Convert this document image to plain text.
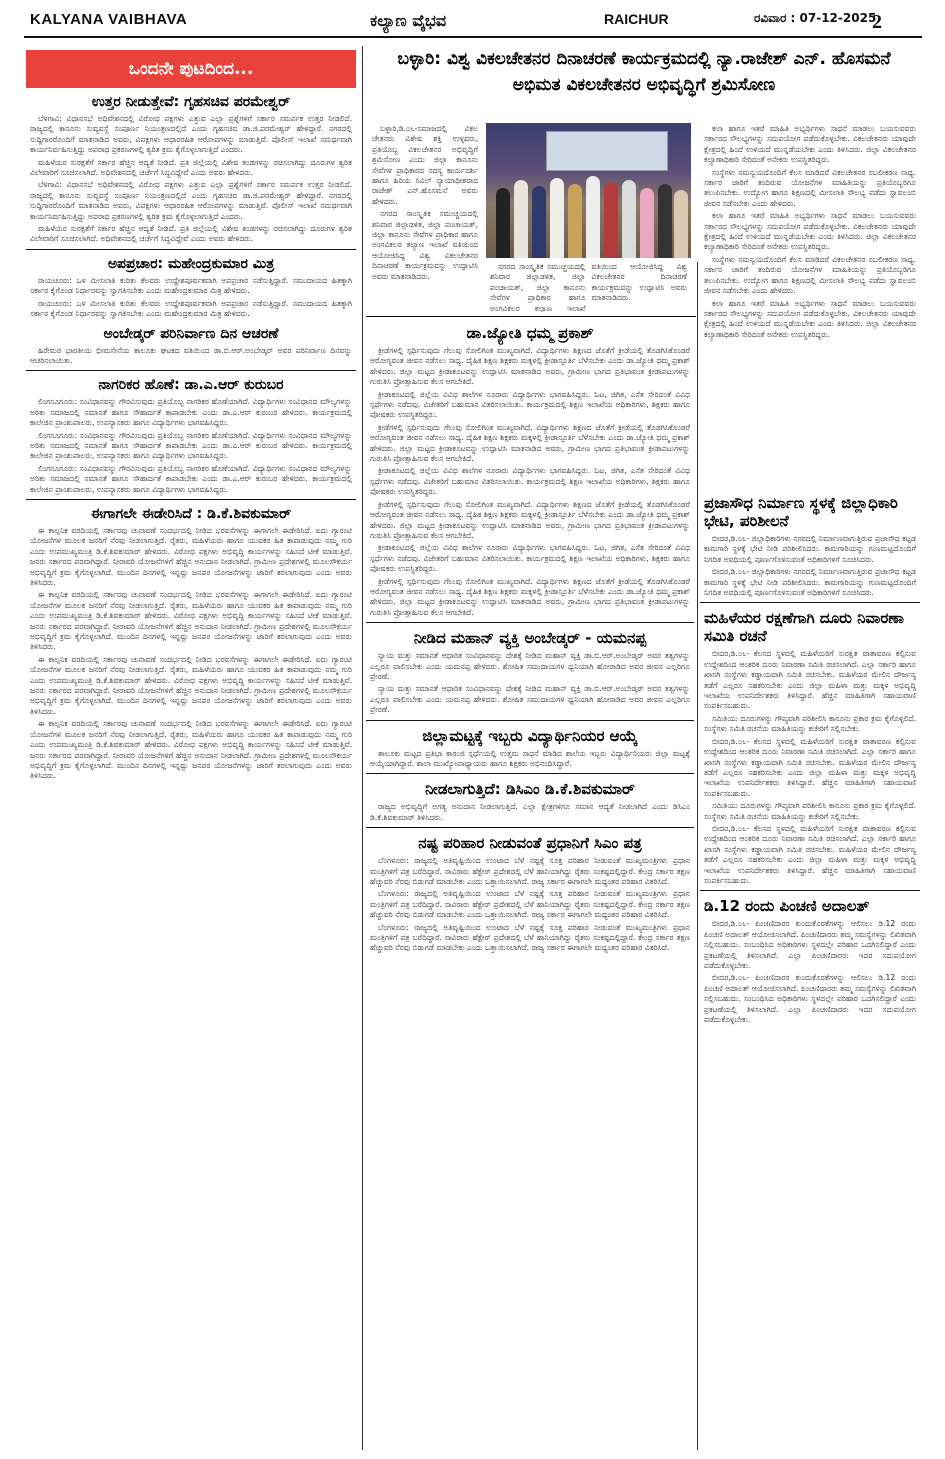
KALYANA VAIBHAVA	ಕಲ್ಯಾಣ ವೈಭವ	RAICHUR	ರವಿವಾರ : 07-12-2025
2
ಒಂದನೇ ಪುಟದಿಂದ...
ಉತ್ತರ ನೀಡುತ್ತೇವೆ: ಗೃಹಸಚಿವ ಪರಮೇಶ್ವರ್

ಬೆಳಗಾವಿ: ವಿಧಾನಸಭೆ ಅಧಿವೇಶನದಲ್ಲಿ ವಿರೋಧ ಪಕ್ಷಗಳು ಎತ್ತುವ ಎಲ್ಲಾ ಪ್ರಶ್ನೆಗಳಿಗೆ ಸರ್ಕಾರ ಸಮರ್ಪಕ ಉತ್ತರ ನೀಡಲಿದೆ. ರಾಜ್ಯದಲ್ಲಿ ಕಾನೂನು ಸುವ್ಯವಸ್ಥೆ ಸಂಪೂರ್ಣ ನಿಯಂತ್ರಣದಲ್ಲಿದೆ ಎಂದು ಗೃಹಸಚಿವ ಡಾ.ಜಿ.ಪರಮೇಶ್ವರ್ ಹೇಳಿದ್ದಾರೆ. ನಗರದಲ್ಲಿ ಸುದ್ದಿಗಾರರೊಂದಿಗೆ ಮಾತನಾಡಿದ ಅವರು, ವಿಪಕ್ಷಗಳು ಆಧಾರರಹಿತ ಆರೋಪಗಳನ್ನು ಮಾಡುತ್ತಿವೆ. ಪೊಲೀಸ್ ಇಲಾಖೆ ಸಮರ್ಥವಾಗಿ ಕಾರ್ಯನಿರ್ವಹಿಸುತ್ತಿದ್ದು ಅಪರಾಧ ಪ್ರಕರಣಗಳಲ್ಲಿ ತ್ವರಿತ ಕ್ರಮ ಕೈಗೊಳ್ಳಲಾಗುತ್ತಿದೆ ಎಂದರು.

ಮಹಿಳೆಯರ ಸುರಕ್ಷತೆಗೆ ಸರ್ಕಾರ ಹೆಚ್ಚಿನ ಆದ್ಯತೆ ನೀಡಿದೆ. ಪ್ರತಿ ಜಿಲ್ಲೆಯಲ್ಲಿ ವಿಶೇಷ ತಂಡಗಳನ್ನು ರಚಿಸಲಾಗಿದ್ದು ದೂರುಗಳ ತ್ವರಿತ ವಿಲೇವಾರಿಗೆ ಸೂಚಿಸಲಾಗಿದೆ. ಅಧಿವೇಶನದಲ್ಲಿ ಚರ್ಚೆಗೆ ಸಿದ್ಧವಿದ್ದೇವೆ ಎಂದು ಅವರು ಹೇಳಿದರು.

ಬೆಳಗಾವಿ: ವಿಧಾನಸಭೆ ಅಧಿವೇಶನದಲ್ಲಿ ವಿರೋಧ ಪಕ್ಷಗಳು ಎತ್ತುವ ಎಲ್ಲಾ ಪ್ರಶ್ನೆಗಳಿಗೆ ಸರ್ಕಾರ ಸಮರ್ಪಕ ಉತ್ತರ ನೀಡಲಿದೆ. ರಾಜ್ಯದಲ್ಲಿ ಕಾನೂನು ಸುವ್ಯವಸ್ಥೆ ಸಂಪೂರ್ಣ ನಿಯಂತ್ರಣದಲ್ಲಿದೆ ಎಂದು ಗೃಹಸಚಿವ ಡಾ.ಜಿ.ಪರಮೇಶ್ವರ್ ಹೇಳಿದ್ದಾರೆ. ನಗರದಲ್ಲಿ ಸುದ್ದಿಗಾರರೊಂದಿಗೆ ಮಾತನಾಡಿದ ಅವರು, ವಿಪಕ್ಷಗಳು ಆಧಾರರಹಿತ ಆರೋಪಗಳನ್ನು ಮಾಡುತ್ತಿವೆ. ಪೊಲೀಸ್ ಇಲಾಖೆ ಸಮರ್ಥವಾಗಿ ಕಾರ್ಯನಿರ್ವಹಿಸುತ್ತಿದ್ದು ಅಪರಾಧ ಪ್ರಕರಣಗಳಲ್ಲಿ ತ್ವರಿತ ಕ್ರಮ ಕೈಗೊಳ್ಳಲಾಗುತ್ತಿದೆ ಎಂದರು.

ಮಹಿಳೆಯರ ಸುರಕ್ಷತೆಗೆ ಸರ್ಕಾರ ಹೆಚ್ಚಿನ ಆದ್ಯತೆ ನೀಡಿದೆ. ಪ್ರತಿ ಜಿಲ್ಲೆಯಲ್ಲಿ ವಿಶೇಷ ತಂಡಗಳನ್ನು ರಚಿಸಲಾಗಿದ್ದು ದೂರುಗಳ ತ್ವರಿತ ವಿಲೇವಾರಿಗೆ ಸೂಚಿಸಲಾಗಿದೆ. ಅಧಿವೇಶನದಲ್ಲಿ ಚರ್ಚೆಗೆ ಸಿದ್ಧವಿದ್ದೇವೆ ಎಂದು ಅವರು ಹೇಳಿದರು.

ಅಪಪ್ರಚಾರ: ಮಹೇಂದ್ರಕುಮಾರ ಮಿತ್ರ

ರಾಯಚೂರು: ಒಳ ಮೀಸಲಾತಿ ಕುರಿತು ಕೆಲವರು ಉದ್ದೇಶಪೂರ್ವಕವಾಗಿ ಅಪಪ್ರಚಾರ ನಡೆಸುತ್ತಿದ್ದಾರೆ. ಸಮುದಾಯದ ಹಿತಕ್ಕಾಗಿ ಸರ್ಕಾರ ಕೈಗೊಂಡ ನಿರ್ಧಾರವನ್ನು ಸ್ವಾಗತಿಸಬೇಕು ಎಂದು ಮಹೇಂದ್ರಕುಮಾರ ಮಿತ್ರ ಹೇಳಿದರು.

ರಾಯಚೂರು: ಒಳ ಮೀಸಲಾತಿ ಕುರಿತು ಕೆಲವರು ಉದ್ದೇಶಪೂರ್ವಕವಾಗಿ ಅಪಪ್ರಚಾರ ನಡೆಸುತ್ತಿದ್ದಾರೆ. ಸಮುದಾಯದ ಹಿತಕ್ಕಾಗಿ ಸರ್ಕಾರ ಕೈಗೊಂಡ ನಿರ್ಧಾರವನ್ನು ಸ್ವಾಗತಿಸಬೇಕು ಎಂದು ಮಹೇಂದ್ರಕುಮಾರ ಮಿತ್ರ ಹೇಳಿದರು.

ಅಂಬೇಡ್ಕರ್ ಪರಿನಿರ್ವಾಣ ದಿನ ಆಚರಣೆ

ಹಿರೇಮಠ ಭಾರತೀಯ ಭೀಮಸೇನೆಯ ತಾಲೂಕು ಘಟಕದ ವತಿಯಿಂದ ಡಾ.ಬಿ.ಆರ್.ಅಂಬೇಡ್ಕರ್ ಅವರ ಪರಿನಿರ್ವಾಣ ದಿನವನ್ನು ಆಚರಿಸಲಾಯಿತು.

ನಾಗರಿಕರ ಹೊಣೆ: ಡಾ.ಎ.ಆರ್ ಕುರುಬರ

ಲಿಂಗಸೂಗೂರು: ಸಂವಿಧಾನವನ್ನು ಗೌರವಿಸುವುದು ಪ್ರತಿಯೊಬ್ಬ ನಾಗರಿಕರ ಹೊಣೆಯಾಗಿದೆ. ವಿದ್ಯಾರ್ಥಿಗಳು ಸಂವಿಧಾನದ ಮೌಲ್ಯಗಳನ್ನು ಅರಿತು ಸಮಾಜದಲ್ಲಿ ಸಮಾನತೆ ಹಾಗೂ ಸೌಹಾರ್ದತೆ ಕಾಪಾಡಬೇಕು ಎಂದು ಡಾ.ಎ.ಆರ್ ಕುರುಬರ ಹೇಳಿದರು. ಕಾರ್ಯಕ್ರಮದಲ್ಲಿ ಕಾಲೇಜಿನ ಪ್ರಾಂಶುಪಾಲರು, ಉಪನ್ಯಾಸಕರು ಹಾಗೂ ವಿದ್ಯಾರ್ಥಿಗಳು ಭಾಗವಹಿಸಿದ್ದರು.

ಲಿಂಗಸೂಗೂರು: ಸಂವಿಧಾನವನ್ನು ಗೌರವಿಸುವುದು ಪ್ರತಿಯೊಬ್ಬ ನಾಗರಿಕರ ಹೊಣೆಯಾಗಿದೆ. ವಿದ್ಯಾರ್ಥಿಗಳು ಸಂವಿಧಾನದ ಮೌಲ್ಯಗಳನ್ನು ಅರಿತು ಸಮಾಜದಲ್ಲಿ ಸಮಾನತೆ ಹಾಗೂ ಸೌಹಾರ್ದತೆ ಕಾಪಾಡಬೇಕು ಎಂದು ಡಾ.ಎ.ಆರ್ ಕುರುಬರ ಹೇಳಿದರು. ಕಾರ್ಯಕ್ರಮದಲ್ಲಿ ಕಾಲೇಜಿನ ಪ್ರಾಂಶುಪಾಲರು, ಉಪನ್ಯಾಸಕರು ಹಾಗೂ ವಿದ್ಯಾರ್ಥಿಗಳು ಭಾಗವಹಿಸಿದ್ದರು.

ಲಿಂಗಸೂಗೂರು: ಸಂವಿಧಾನವನ್ನು ಗೌರವಿಸುವುದು ಪ್ರತಿಯೊಬ್ಬ ನಾಗರಿಕರ ಹೊಣೆಯಾಗಿದೆ. ವಿದ್ಯಾರ್ಥಿಗಳು ಸಂವಿಧಾನದ ಮೌಲ್ಯಗಳನ್ನು ಅರಿತು ಸಮಾಜದಲ್ಲಿ ಸಮಾನತೆ ಹಾಗೂ ಸೌಹಾರ್ದತೆ ಕಾಪಾಡಬೇಕು ಎಂದು ಡಾ.ಎ.ಆರ್ ಕುರುಬರ ಹೇಳಿದರು. ಕಾರ್ಯಕ್ರಮದಲ್ಲಿ ಕಾಲೇಜಿನ ಪ್ರಾಂಶುಪಾಲರು, ಉಪನ್ಯಾಸಕರು ಹಾಗೂ ವಿದ್ಯಾರ್ಥಿಗಳು ಭಾಗವಹಿಸಿದ್ದರು.

ಈಗಾಗಲೇ ಈಡೇರಿಸಿದೆ : ಡಿ.ಕೆ.ಶಿವಕುಮಾರ್

ಈ ಕಾಲ್ಪನಿಕ ವರದಿಯಲ್ಲಿ ಸರ್ಕಾರವು ಚುನಾವಣೆ ಸಂದರ್ಭದಲ್ಲಿ ನೀಡಿದ ಭರವಸೆಗಳನ್ನು ಈಗಾಗಲೇ ಈಡೇರಿಸಿದೆ. ಐದು ಗ್ಯಾರಂಟಿ ಯೋಜನೆಗಳ ಮೂಲಕ ಜನರಿಗೆ ನೆರವು ನೀಡಲಾಗುತ್ತಿದೆ. ರೈತರು, ಮಹಿಳೆಯರು ಹಾಗೂ ಯುವಕರ ಹಿತ ಕಾಪಾಡುವುದು ನಮ್ಮ ಗುರಿ ಎಂದು ಉಪಮುಖ್ಯಮಂತ್ರಿ ಡಿ.ಕೆ.ಶಿವಕುಮಾರ್ ಹೇಳಿದರು. ವಿರೋಧ ಪಕ್ಷಗಳು ಅಭಿವೃದ್ಧಿ ಕಾರ್ಯಗಳನ್ನು ಸಹಿಸದೆ ಟೀಕೆ ಮಾಡುತ್ತಿವೆ. ಜನರು ಸರ್ಕಾರದ ಪರವಾಗಿದ್ದಾರೆ. ನೀರಾವರಿ ಯೋಜನೆಗಳಿಗೆ ಹೆಚ್ಚಿನ ಅನುದಾನ ನೀಡಲಾಗಿದೆ. ಗ್ರಾಮೀಣ ಪ್ರದೇಶಗಳಲ್ಲಿ ಮೂಲಸೌಕರ್ಯ ಅಭಿವೃದ್ಧಿಗೆ ಕ್ರಮ ಕೈಗೊಳ್ಳಲಾಗಿದೆ. ಮುಂದಿನ ದಿನಗಳಲ್ಲಿ ಇನ್ನಷ್ಟು ಜನಪರ ಯೋಜನೆಗಳನ್ನು ಜಾರಿಗೆ ತರಲಾಗುವುದು ಎಂದು ಅವರು ತಿಳಿಸಿದರು.

ಈ ಕಾಲ್ಪನಿಕ ವರದಿಯಲ್ಲಿ ಸರ್ಕಾರವು ಚುನಾವಣೆ ಸಂದರ್ಭದಲ್ಲಿ ನೀಡಿದ ಭರವಸೆಗಳನ್ನು ಈಗಾಗಲೇ ಈಡೇರಿಸಿದೆ. ಐದು ಗ್ಯಾರಂಟಿ ಯೋಜನೆಗಳ ಮೂಲಕ ಜನರಿಗೆ ನೆರವು ನೀಡಲಾಗುತ್ತಿದೆ. ರೈತರು, ಮಹಿಳೆಯರು ಹಾಗೂ ಯುವಕರ ಹಿತ ಕಾಪಾಡುವುದು ನಮ್ಮ ಗುರಿ ಎಂದು ಉಪಮುಖ್ಯಮಂತ್ರಿ ಡಿ.ಕೆ.ಶಿವಕುಮಾರ್ ಹೇಳಿದರು. ವಿರೋಧ ಪಕ್ಷಗಳು ಅಭಿವೃದ್ಧಿ ಕಾರ್ಯಗಳನ್ನು ಸಹಿಸದೆ ಟೀಕೆ ಮಾಡುತ್ತಿವೆ. ಜನರು ಸರ್ಕಾರದ ಪರವಾಗಿದ್ದಾರೆ. ನೀರಾವರಿ ಯೋಜನೆಗಳಿಗೆ ಹೆಚ್ಚಿನ ಅನುದಾನ ನೀಡಲಾಗಿದೆ. ಗ್ರಾಮೀಣ ಪ್ರದೇಶಗಳಲ್ಲಿ ಮೂಲಸೌಕರ್ಯ ಅಭಿವೃದ್ಧಿಗೆ ಕ್ರಮ ಕೈಗೊಳ್ಳಲಾಗಿದೆ. ಮುಂದಿನ ದಿನಗಳಲ್ಲಿ ಇನ್ನಷ್ಟು ಜನಪರ ಯೋಜನೆಗಳನ್ನು ಜಾರಿಗೆ ತರಲಾಗುವುದು ಎಂದು ಅವರು ತಿಳಿಸಿದರು.

ಈ ಕಾಲ್ಪನಿಕ ವರದಿಯಲ್ಲಿ ಸರ್ಕಾರವು ಚುನಾವಣೆ ಸಂದರ್ಭದಲ್ಲಿ ನೀಡಿದ ಭರವಸೆಗಳನ್ನು ಈಗಾಗಲೇ ಈಡೇರಿಸಿದೆ. ಐದು ಗ್ಯಾರಂಟಿ ಯೋಜನೆಗಳ ಮೂಲಕ ಜನರಿಗೆ ನೆರವು ನೀಡಲಾಗುತ್ತಿದೆ. ರೈತರು, ಮಹಿಳೆಯರು ಹಾಗೂ ಯುವಕರ ಹಿತ ಕಾಪಾಡುವುದು ನಮ್ಮ ಗುರಿ ಎಂದು ಉಪಮುಖ್ಯಮಂತ್ರಿ ಡಿ.ಕೆ.ಶಿವಕುಮಾರ್ ಹೇಳಿದರು. ವಿರೋಧ ಪಕ್ಷಗಳು ಅಭಿವೃದ್ಧಿ ಕಾರ್ಯಗಳನ್ನು ಸಹಿಸದೆ ಟೀಕೆ ಮಾಡುತ್ತಿವೆ. ಜನರು ಸರ್ಕಾರದ ಪರವಾಗಿದ್ದಾರೆ. ನೀರಾವರಿ ಯೋಜನೆಗಳಿಗೆ ಹೆಚ್ಚಿನ ಅನುದಾನ ನೀಡಲಾಗಿದೆ. ಗ್ರಾಮೀಣ ಪ್ರದೇಶಗಳಲ್ಲಿ ಮೂಲಸೌಕರ್ಯ ಅಭಿವೃದ್ಧಿಗೆ ಕ್ರಮ ಕೈಗೊಳ್ಳಲಾಗಿದೆ. ಮುಂದಿನ ದಿನಗಳಲ್ಲಿ ಇನ್ನಷ್ಟು ಜನಪರ ಯೋಜನೆಗಳನ್ನು ಜಾರಿಗೆ ತರಲಾಗುವುದು ಎಂದು ಅವರು ತಿಳಿಸಿದರು.

ಈ ಕಾಲ್ಪನಿಕ ವರದಿಯಲ್ಲಿ ಸರ್ಕಾರವು ಚುನಾವಣೆ ಸಂದರ್ಭದಲ್ಲಿ ನೀಡಿದ ಭರವಸೆಗಳನ್ನು ಈಗಾಗಲೇ ಈಡೇರಿಸಿದೆ. ಐದು ಗ್ಯಾರಂಟಿ ಯೋಜನೆಗಳ ಮೂಲಕ ಜನರಿಗೆ ನೆರವು ನೀಡಲಾಗುತ್ತಿದೆ. ರೈತರು, ಮಹಿಳೆಯರು ಹಾಗೂ ಯುವಕರ ಹಿತ ಕಾಪಾಡುವುದು ನಮ್ಮ ಗುರಿ ಎಂದು ಉಪಮುಖ್ಯಮಂತ್ರಿ ಡಿ.ಕೆ.ಶಿವಕುಮಾರ್ ಹೇಳಿದರು. ವಿರೋಧ ಪಕ್ಷಗಳು ಅಭಿವೃದ್ಧಿ ಕಾರ್ಯಗಳನ್ನು ಸಹಿಸದೆ ಟೀಕೆ ಮಾಡುತ್ತಿವೆ. ಜನರು ಸರ್ಕಾರದ ಪರವಾಗಿದ್ದಾರೆ. ನೀರಾವರಿ ಯೋಜನೆಗಳಿಗೆ ಹೆಚ್ಚಿನ ಅನುದಾನ ನೀಡಲಾಗಿದೆ. ಗ್ರಾಮೀಣ ಪ್ರದೇಶಗಳಲ್ಲಿ ಮೂಲಸೌಕರ್ಯ ಅಭಿವೃದ್ಧಿಗೆ ಕ್ರಮ ಕೈಗೊಳ್ಳಲಾಗಿದೆ. ಮುಂದಿನ ದಿನಗಳಲ್ಲಿ ಇನ್ನಷ್ಟು ಜನಪರ ಯೋಜನೆಗಳನ್ನು ಜಾರಿಗೆ ತರಲಾಗುವುದು ಎಂದು ಅವರು ತಿಳಿಸಿದರು.

ಬಳ್ಳಾರಿ: ವಿಶ್ವ ವಿಕಲಚೇತನರ ದಿನಾಚರಣೆ ಕಾರ್ಯಕ್ರಮದಲ್ಲಿ ನ್ಯಾ.ರಾಜೇಶ್ ಎನ್. ಹೊಸಮನೆ ಅಭಿಮತ ವಿಕಲಚೇತನರ ಅಭಿವೃದ್ಧಿಗೆ ಶ್ರಮಿಸೋಣ

ಬಳ್ಳಾರಿ,ಡಿ.೦೬-ಸಮಾಜದಲ್ಲಿ ವಿಕಲ ಚೇತನರು ವಿಶೇಷ ಶಕ್ತಿ ಉಳ್ಳವರು, ಪ್ರತಿಯೊಬ್ಬ ವಿಕಲಚೇತನರ ಅಭಿವೃದ್ಧಿಗೆ ಶ್ರಮಿಸೋಣ ಎಂದು ಜಿಲ್ಲಾ ಕಾನೂನು ಸೇವೆಗಳ ಪ್ರಾಧಿಕಾರದ ಸದಸ್ಯ ಕಾರ್ಯದರ್ಶಿ ಹಾಗೂ ಹಿರಿಯ ಸಿವಿಲ್ ನ್ಯಾಯಾಧೀಶರಾದ ರಾಜೇಶ್ ಎನ್.ಹೊಸಮನೆ ಅವರು ಹೇಳಿದರು.

ನಗರದ ಸಾಂಸ್ಕೃತಿಕ ಸಮುಚ್ಚಯದಲ್ಲಿ ಶನಿವಾರ ಜಿಲ್ಲಾಡಳಿತ, ಜಿಲ್ಲಾ ಪಂಚಾಯತ್, ಜಿಲ್ಲಾ ಕಾನೂನು ಸೇವೆಗಳ ಪ್ರಾಧಿಕಾರ ಹಾಗೂ ಅಂಗವಿಕಲರ ಕಲ್ಯಾಣ ಇಲಾಖೆ ವತಿಯಿಂದ ಆಯೋಜಿಸಿದ್ದ ವಿಶ್ವ ವಿಕಲಚೇತನರ ದಿನಾಚರಣೆ ಕಾರ್ಯಕ್ರಮವನ್ನು ಉದ್ಘಾಟಿಸಿ ಅವರು ಮಾತನಾಡಿದರು.

ನಗರದ ಸಾಂಸ್ಕೃತಿಕ ಸಮುಚ್ಚಯದಲ್ಲಿ ಶನಿವಾರ ಜಿಲ್ಲಾಡಳಿತ, ಜಿಲ್ಲಾ ಪಂಚಾಯತ್, ಜಿಲ್ಲಾ ಕಾನೂನು ಸೇವೆಗಳ ಪ್ರಾಧಿಕಾರ ಹಾಗೂ ಅಂಗವಿಕಲರ ಕಲ್ಯಾಣ ಇಲಾಖೆ ವತಿಯಿಂದ ಆಯೋಜಿಸಿದ್ದ ವಿಶ್ವ ವಿಕಲಚೇತನರ ದಿನಾಚರಣೆ ಕಾರ್ಯಕ್ರಮವನ್ನು ಉದ್ಘಾಟಿಸಿ ಅವರು ಮಾತನಾಡಿದರು.

ಕಲಾ ಹಾಗೂ ಇತರೆ ಮಾಹಿತಿ ಅಭ್ಯರ್ಥಿಗಳು ಸಾಧನೆ ಮಾಡಲು ಬಯಸುವವರು ಸರ್ಕಾರದ ಸೌಲಭ್ಯಗಳನ್ನು ಸದುಪಯೋಗ ಪಡೆದುಕೊಳ್ಳಬೇಕು. ವಿಕಲಚೇತನರು ಯಾವುದೇ ಕ್ಷೇತ್ರದಲ್ಲಿ ಹಿಂದೆ ಉಳಿಯದೆ ಮುನ್ನಡೆಯಬೇಕು ಎಂದು ತಿಳಿಸಿದರು. ಜಿಲ್ಲಾ ವಿಕಲಚೇತನರ ಕಲ್ಯಾಣಾಧಿಕಾರಿ ಸೇರಿದಂತೆ ಅನೇಕರು ಉಪಸ್ಥಿತರಿದ್ದರು.

ಸಂಸ್ಥೆಗಳು ಸಮನ್ವಯದೊಂದಿಗೆ ಕೆಲಸ ಮಾಡಿದರೆ ವಿಕಲಚೇತನರ ಸಬಲೀಕರಣ ಸಾಧ್ಯ. ಸರ್ಕಾರ ಜಾರಿಗೆ ತಂದಿರುವ ಯೋಜನೆಗಳ ಮಾಹಿತಿಯನ್ನು ಪ್ರತಿಯೊಬ್ಬರಿಗೂ ತಲುಪಿಸಬೇಕು. ಉದ್ಯೋಗ ಹಾಗೂ ಶಿಕ್ಷಣದಲ್ಲಿ ಮೀಸಲಾತಿ ಸೌಲಭ್ಯ ಪಡೆದು ಸ್ವಾವಲಂಬಿ ಜೀವನ ನಡೆಸಬೇಕು ಎಂದು ಹೇಳಿದರು.

ಕಲಾ ಹಾಗೂ ಇತರೆ ಮಾಹಿತಿ ಅಭ್ಯರ್ಥಿಗಳು ಸಾಧನೆ ಮಾಡಲು ಬಯಸುವವರು ಸರ್ಕಾರದ ಸೌಲಭ್ಯಗಳನ್ನು ಸದುಪಯೋಗ ಪಡೆದುಕೊಳ್ಳಬೇಕು. ವಿಕಲಚೇತನರು ಯಾವುದೇ ಕ್ಷೇತ್ರದಲ್ಲಿ ಹಿಂದೆ ಉಳಿಯದೆ ಮುನ್ನಡೆಯಬೇಕು ಎಂದು ತಿಳಿಸಿದರು. ಜಿಲ್ಲಾ ವಿಕಲಚೇತನರ ಕಲ್ಯಾಣಾಧಿಕಾರಿ ಸೇರಿದಂತೆ ಅನೇಕರು ಉಪಸ್ಥಿತರಿದ್ದರು.

ಸಂಸ್ಥೆಗಳು ಸಮನ್ವಯದೊಂದಿಗೆ ಕೆಲಸ ಮಾಡಿದರೆ ವಿಕಲಚೇತನರ ಸಬಲೀಕರಣ ಸಾಧ್ಯ. ಸರ್ಕಾರ ಜಾರಿಗೆ ತಂದಿರುವ ಯೋಜನೆಗಳ ಮಾಹಿತಿಯನ್ನು ಪ್ರತಿಯೊಬ್ಬರಿಗೂ ತಲುಪಿಸಬೇಕು. ಉದ್ಯೋಗ ಹಾಗೂ ಶಿಕ್ಷಣದಲ್ಲಿ ಮೀಸಲಾತಿ ಸೌಲಭ್ಯ ಪಡೆದು ಸ್ವಾವಲಂಬಿ ಜೀವನ ನಡೆಸಬೇಕು ಎಂದು ಹೇಳಿದರು.

ಕಲಾ ಹಾಗೂ ಇತರೆ ಮಾಹಿತಿ ಅಭ್ಯರ್ಥಿಗಳು ಸಾಧನೆ ಮಾಡಲು ಬಯಸುವವರು ಸರ್ಕಾರದ ಸೌಲಭ್ಯಗಳನ್ನು ಸದುಪಯೋಗ ಪಡೆದುಕೊಳ್ಳಬೇಕು. ವಿಕಲಚೇತನರು ಯಾವುದೇ ಕ್ಷೇತ್ರದಲ್ಲಿ ಹಿಂದೆ ಉಳಿಯದೆ ಮುನ್ನಡೆಯಬೇಕು ಎಂದು ತಿಳಿಸಿದರು. ಜಿಲ್ಲಾ ವಿಕಲಚೇತನರ ಕಲ್ಯಾಣಾಧಿಕಾರಿ ಸೇರಿದಂತೆ ಅನೇಕರು ಉಪಸ್ಥಿತರಿದ್ದರು.

ಡಾ.ಜ್ಯೋತಿ ಧಮ್ಮ ಪ್ರಕಾಶ್

ಕ್ರೀಡೆಗಳಲ್ಲಿ ಸ್ಪರ್ಧಿಸುವುದು ಗೆಲುವು ಸೋಲಿಗಿಂತ ಮುಖ್ಯವಾಗಿದೆ. ವಿದ್ಯಾರ್ಥಿಗಳು ಶಿಕ್ಷಣದ ಜೊತೆಗೆ ಕ್ರೀಡೆಯಲ್ಲಿ ತೊಡಗಿಸಿಕೊಂಡರೆ ಆರೋಗ್ಯವಂತ ಜೀವನ ನಡೆಸಲು ಸಾಧ್ಯ. ದೈಹಿಕ ಶಿಕ್ಷಣ ಶಿಕ್ಷಕರು ಮಕ್ಕಳಲ್ಲಿ ಕ್ರೀಡಾಸ್ಫೂರ್ತಿ ಬೆಳೆಸಬೇಕು ಎಂದು ಡಾ.ಜ್ಯೋತಿ ಧಮ್ಮ ಪ್ರಕಾಶ್ ಹೇಳಿದರು. ಜಿಲ್ಲಾ ಮಟ್ಟದ ಕ್ರೀಡಾಕೂಟವನ್ನು ಉದ್ಘಾಟಿಸಿ ಮಾತನಾಡಿದ ಅವರು, ಗ್ರಾಮೀಣ ಭಾಗದ ಪ್ರತಿಭಾವಂತ ಕ್ರೀಡಾಪಟುಗಳನ್ನು ಗುರುತಿಸಿ ಪ್ರೋತ್ಸಾಹಿಸುವ ಕೆಲಸ ಆಗಬೇಕಿದೆ.

ಕ್ರೀಡಾಕೂಟದಲ್ಲಿ ಜಿಲ್ಲೆಯ ವಿವಿಧ ಶಾಲೆಗಳ ನೂರಾರು ವಿದ್ಯಾರ್ಥಿಗಳು ಭಾಗವಹಿಸಿದ್ದರು. ಓಟ, ಜಿಗಿತ, ಎಸೆತ ಸೇರಿದಂತೆ ವಿವಿಧ ಸ್ಪರ್ಧೆಗಳು ನಡೆದವು. ವಿಜೇತರಿಗೆ ಬಹುಮಾನ ವಿತರಿಸಲಾಯಿತು. ಕಾರ್ಯಕ್ರಮದಲ್ಲಿ ಶಿಕ್ಷಣ ಇಲಾಖೆಯ ಅಧಿಕಾರಿಗಳು, ಶಿಕ್ಷಕರು ಹಾಗೂ ಪೋಷಕರು ಉಪಸ್ಥಿತರಿದ್ದರು.

ಕ್ರೀಡೆಗಳಲ್ಲಿ ಸ್ಪರ್ಧಿಸುವುದು ಗೆಲುವು ಸೋಲಿಗಿಂತ ಮುಖ್ಯವಾಗಿದೆ. ವಿದ್ಯಾರ್ಥಿಗಳು ಶಿಕ್ಷಣದ ಜೊತೆಗೆ ಕ್ರೀಡೆಯಲ್ಲಿ ತೊಡಗಿಸಿಕೊಂಡರೆ ಆರೋಗ್ಯವಂತ ಜೀವನ ನಡೆಸಲು ಸಾಧ್ಯ. ದೈಹಿಕ ಶಿಕ್ಷಣ ಶಿಕ್ಷಕರು ಮಕ್ಕಳಲ್ಲಿ ಕ್ರೀಡಾಸ್ಫೂರ್ತಿ ಬೆಳೆಸಬೇಕು ಎಂದು ಡಾ.ಜ್ಯೋತಿ ಧಮ್ಮ ಪ್ರಕಾಶ್ ಹೇಳಿದರು. ಜಿಲ್ಲಾ ಮಟ್ಟದ ಕ್ರೀಡಾಕೂಟವನ್ನು ಉದ್ಘಾಟಿಸಿ ಮಾತನಾಡಿದ ಅವರು, ಗ್ರಾಮೀಣ ಭಾಗದ ಪ್ರತಿಭಾವಂತ ಕ್ರೀಡಾಪಟುಗಳನ್ನು ಗುರುತಿಸಿ ಪ್ರೋತ್ಸಾಹಿಸುವ ಕೆಲಸ ಆಗಬೇಕಿದೆ.

ಕ್ರೀಡಾಕೂಟದಲ್ಲಿ ಜಿಲ್ಲೆಯ ವಿವಿಧ ಶಾಲೆಗಳ ನೂರಾರು ವಿದ್ಯಾರ್ಥಿಗಳು ಭಾಗವಹಿಸಿದ್ದರು. ಓಟ, ಜಿಗಿತ, ಎಸೆತ ಸೇರಿದಂತೆ ವಿವಿಧ ಸ್ಪರ್ಧೆಗಳು ನಡೆದವು. ವಿಜೇತರಿಗೆ ಬಹುಮಾನ ವಿತರಿಸಲಾಯಿತು. ಕಾರ್ಯಕ್ರಮದಲ್ಲಿ ಶಿಕ್ಷಣ ಇಲಾಖೆಯ ಅಧಿಕಾರಿಗಳು, ಶಿಕ್ಷಕರು ಹಾಗೂ ಪೋಷಕರು ಉಪಸ್ಥಿತರಿದ್ದರು.

ಕ್ರೀಡೆಗಳಲ್ಲಿ ಸ್ಪರ್ಧಿಸುವುದು ಗೆಲುವು ಸೋಲಿಗಿಂತ ಮುಖ್ಯವಾಗಿದೆ. ವಿದ್ಯಾರ್ಥಿಗಳು ಶಿಕ್ಷಣದ ಜೊತೆಗೆ ಕ್ರೀಡೆಯಲ್ಲಿ ತೊಡಗಿಸಿಕೊಂಡರೆ ಆರೋಗ್ಯವಂತ ಜೀವನ ನಡೆಸಲು ಸಾಧ್ಯ. ದೈಹಿಕ ಶಿಕ್ಷಣ ಶಿಕ್ಷಕರು ಮಕ್ಕಳಲ್ಲಿ ಕ್ರೀಡಾಸ್ಫೂರ್ತಿ ಬೆಳೆಸಬೇಕು ಎಂದು ಡಾ.ಜ್ಯೋತಿ ಧಮ್ಮ ಪ್ರಕಾಶ್ ಹೇಳಿದರು. ಜಿಲ್ಲಾ ಮಟ್ಟದ ಕ್ರೀಡಾಕೂಟವನ್ನು ಉದ್ಘಾಟಿಸಿ ಮಾತನಾಡಿದ ಅವರು, ಗ್ರಾಮೀಣ ಭಾಗದ ಪ್ರತಿಭಾವಂತ ಕ್ರೀಡಾಪಟುಗಳನ್ನು ಗುರುತಿಸಿ ಪ್ರೋತ್ಸಾಹಿಸುವ ಕೆಲಸ ಆಗಬೇಕಿದೆ.

ಕ್ರೀಡಾಕೂಟದಲ್ಲಿ ಜಿಲ್ಲೆಯ ವಿವಿಧ ಶಾಲೆಗಳ ನೂರಾರು ವಿದ್ಯಾರ್ಥಿಗಳು ಭಾಗವಹಿಸಿದ್ದರು. ಓಟ, ಜಿಗಿತ, ಎಸೆತ ಸೇರಿದಂತೆ ವಿವಿಧ ಸ್ಪರ್ಧೆಗಳು ನಡೆದವು. ವಿಜೇತರಿಗೆ ಬಹುಮಾನ ವಿತರಿಸಲಾಯಿತು. ಕಾರ್ಯಕ್ರಮದಲ್ಲಿ ಶಿಕ್ಷಣ ಇಲಾಖೆಯ ಅಧಿಕಾರಿಗಳು, ಶಿಕ್ಷಕರು ಹಾಗೂ ಪೋಷಕರು ಉಪಸ್ಥಿತರಿದ್ದರು.

ಕ್ರೀಡೆಗಳಲ್ಲಿ ಸ್ಪರ್ಧಿಸುವುದು ಗೆಲುವು ಸೋಲಿಗಿಂತ ಮುಖ್ಯವಾಗಿದೆ. ವಿದ್ಯಾರ್ಥಿಗಳು ಶಿಕ್ಷಣದ ಜೊತೆಗೆ ಕ್ರೀಡೆಯಲ್ಲಿ ತೊಡಗಿಸಿಕೊಂಡರೆ ಆರೋಗ್ಯವಂತ ಜೀವನ ನಡೆಸಲು ಸಾಧ್ಯ. ದೈಹಿಕ ಶಿಕ್ಷಣ ಶಿಕ್ಷಕರು ಮಕ್ಕಳಲ್ಲಿ ಕ್ರೀಡಾಸ್ಫೂರ್ತಿ ಬೆಳೆಸಬೇಕು ಎಂದು ಡಾ.ಜ್ಯೋತಿ ಧಮ್ಮ ಪ್ರಕಾಶ್ ಹೇಳಿದರು. ಜಿಲ್ಲಾ ಮಟ್ಟದ ಕ್ರೀಡಾಕೂಟವನ್ನು ಉದ್ಘಾಟಿಸಿ ಮಾತನಾಡಿದ ಅವರು, ಗ್ರಾಮೀಣ ಭಾಗದ ಪ್ರತಿಭಾವಂತ ಕ್ರೀಡಾಪಟುಗಳನ್ನು ಗುರುತಿಸಿ ಪ್ರೋತ್ಸಾಹಿಸುವ ಕೆಲಸ ಆಗಬೇಕಿದೆ.

ನೀಡಿದ ಮಹಾನ್ ವ್ಯಕ್ತಿ ಅಂಬೇಡ್ಕರ್ - ಯಮನಪ್ಪ

ನ್ಯಾಯ ಮತ್ತು ಸಮಾನತೆ ಆಧಾರಿತ ಸಂವಿಧಾನವನ್ನು ದೇಶಕ್ಕೆ ನೀಡಿದ ಮಹಾನ್ ವ್ಯಕ್ತಿ ಡಾ.ಬಿ.ಆರ್.ಅಂಬೇಡ್ಕರ್ ಅವರ ತತ್ವಗಳನ್ನು ಎಲ್ಲರೂ ಪಾಲಿಸಬೇಕು ಎಂದು ಯಮನಪ್ಪ ಹೇಳಿದರು. ಶೋಷಿತ ಸಮುದಾಯಗಳ ಧ್ವನಿಯಾಗಿ ಹೋರಾಡಿದ ಅವರ ಜೀವನ ಎಲ್ಲರಿಗೂ ಪ್ರೇರಣೆ.

ನ್ಯಾಯ ಮತ್ತು ಸಮಾನತೆ ಆಧಾರಿತ ಸಂವಿಧಾನವನ್ನು ದೇಶಕ್ಕೆ ನೀಡಿದ ಮಹಾನ್ ವ್ಯಕ್ತಿ ಡಾ.ಬಿ.ಆರ್.ಅಂಬೇಡ್ಕರ್ ಅವರ ತತ್ವಗಳನ್ನು ಎಲ್ಲರೂ ಪಾಲಿಸಬೇಕು ಎಂದು ಯಮನಪ್ಪ ಹೇಳಿದರು. ಶೋಷಿತ ಸಮುದಾಯಗಳ ಧ್ವನಿಯಾಗಿ ಹೋರಾಡಿದ ಅವರ ಜೀವನ ಎಲ್ಲರಿಗೂ ಪ್ರೇರಣೆ.

ಜಿಲ್ಲಾಮಟ್ಟಕ್ಕೆ ಇಬ್ಬರು ವಿದ್ಯಾರ್ಥಿನಿಯರ ಆಯ್ಕೆ

ತಾಲೂಕು ಮಟ್ಟದ ಪ್ರತಿಭಾ ಕಾರಂಜಿ ಸ್ಪರ್ಧೆಯಲ್ಲಿ ಉತ್ತಮ ಸಾಧನೆ ಮಾಡಿದ ಶಾಲೆಯ ಇಬ್ಬರು ವಿದ್ಯಾರ್ಥಿನಿಯರು ಜಿಲ್ಲಾ ಮಟ್ಟಕ್ಕೆ ಆಯ್ಕೆಯಾಗಿದ್ದಾರೆ. ಶಾಲಾ ಮುಖ್ಯೋಪಾಧ್ಯಾಯರು ಹಾಗೂ ಶಿಕ್ಷಕರು ಅಭಿನಂದಿಸಿದ್ದಾರೆ.

ನೀಡಲಾಗುತ್ತಿದೆ: ಡಿಸಿಎಂ ಡಿ.ಕೆ.ಶಿವಕುಮಾರ್

ರಾಜ್ಯದ ಅಭಿವೃದ್ಧಿಗೆ ಅಗತ್ಯ ಅನುದಾನ ನೀಡಲಾಗುತ್ತಿದೆ. ಎಲ್ಲಾ ಕ್ಷೇತ್ರಗಳಿಗೂ ಸಮಾನ ಆದ್ಯತೆ ನೀಡಲಾಗಿದೆ ಎಂದು ಡಿಸಿಎಂ ಡಿ.ಕೆ.ಶಿವಕುಮಾರ್ ತಿಳಿಸಿದರು.

ನಷ್ಟ ಪರಿಹಾರ ನೀಡುವಂತೆ ಪ್ರಧಾನಿಗೆ ಸಿಎಂ ಪತ್ರ

ಬೆಂಗಳೂರು: ರಾಜ್ಯದಲ್ಲಿ ಅತಿವೃಷ್ಟಿಯಿಂದ ಉಂಟಾದ ಬೆಳೆ ನಷ್ಟಕ್ಕೆ ಸೂಕ್ತ ಪರಿಹಾರ ನೀಡುವಂತೆ ಮುಖ್ಯಮಂತ್ರಿಗಳು ಪ್ರಧಾನ ಮಂತ್ರಿಗಳಿಗೆ ಪತ್ರ ಬರೆದಿದ್ದಾರೆ. ಸಾವಿರಾರು ಹೆಕ್ಟೇರ್ ಪ್ರದೇಶದಲ್ಲಿ ಬೆಳೆ ಹಾನಿಯಾಗಿದ್ದು ರೈತರು ಸಂಕಷ್ಟದಲ್ಲಿದ್ದಾರೆ. ಕೇಂದ್ರ ಸರ್ಕಾರ ತಕ್ಷಣ ಹೆಚ್ಚುವರಿ ನೆರವು ಬಿಡುಗಡೆ ಮಾಡಬೇಕು ಎಂದು ಒತ್ತಾಯಿಸಲಾಗಿದೆ. ರಾಜ್ಯ ಸರ್ಕಾರ ಈಗಾಗಲೇ ಮಧ್ಯಂತರ ಪರಿಹಾರ ವಿತರಿಸಿದೆ.

ಬೆಂಗಳೂರು: ರಾಜ್ಯದಲ್ಲಿ ಅತಿವೃಷ್ಟಿಯಿಂದ ಉಂಟಾದ ಬೆಳೆ ನಷ್ಟಕ್ಕೆ ಸೂಕ್ತ ಪರಿಹಾರ ನೀಡುವಂತೆ ಮುಖ್ಯಮಂತ್ರಿಗಳು ಪ್ರಧಾನ ಮಂತ್ರಿಗಳಿಗೆ ಪತ್ರ ಬರೆದಿದ್ದಾರೆ. ಸಾವಿರಾರು ಹೆಕ್ಟೇರ್ ಪ್ರದೇಶದಲ್ಲಿ ಬೆಳೆ ಹಾನಿಯಾಗಿದ್ದು ರೈತರು ಸಂಕಷ್ಟದಲ್ಲಿದ್ದಾರೆ. ಕೇಂದ್ರ ಸರ್ಕಾರ ತಕ್ಷಣ ಹೆಚ್ಚುವರಿ ನೆರವು ಬಿಡುಗಡೆ ಮಾಡಬೇಕು ಎಂದು ಒತ್ತಾಯಿಸಲಾಗಿದೆ. ರಾಜ್ಯ ಸರ್ಕಾರ ಈಗಾಗಲೇ ಮಧ್ಯಂತರ ಪರಿಹಾರ ವಿತರಿಸಿದೆ.

ಬೆಂಗಳೂರು: ರಾಜ್ಯದಲ್ಲಿ ಅತಿವೃಷ್ಟಿಯಿಂದ ಉಂಟಾದ ಬೆಳೆ ನಷ್ಟಕ್ಕೆ ಸೂಕ್ತ ಪರಿಹಾರ ನೀಡುವಂತೆ ಮುಖ್ಯಮಂತ್ರಿಗಳು ಪ್ರಧಾನ ಮಂತ್ರಿಗಳಿಗೆ ಪತ್ರ ಬರೆದಿದ್ದಾರೆ. ಸಾವಿರಾರು ಹೆಕ್ಟೇರ್ ಪ್ರದೇಶದಲ್ಲಿ ಬೆಳೆ ಹಾನಿಯಾಗಿದ್ದು ರೈತರು ಸಂಕಷ್ಟದಲ್ಲಿದ್ದಾರೆ. ಕೇಂದ್ರ ಸರ್ಕಾರ ತಕ್ಷಣ ಹೆಚ್ಚುವರಿ ನೆರವು ಬಿಡುಗಡೆ ಮಾಡಬೇಕು ಎಂದು ಒತ್ತಾಯಿಸಲಾಗಿದೆ. ರಾಜ್ಯ ಸರ್ಕಾರ ಈಗಾಗಲೇ ಮಧ್ಯಂತರ ಪರಿಹಾರ ವಿತರಿಸಿದೆ.

ಪ್ರಜಾಸೌಧ ನಿರ್ಮಾಣ ಸ್ಥಳಕ್ಕೆ ಜಿಲ್ಲಾಧಿಕಾರಿ ಭೇಟಿ, ಪರಿಶೀಲನೆ

ಬೀದರ,ಡಿ.೦೬- ಜಿಲ್ಲಾಧಿಕಾರಿಗಳು ನಗರದಲ್ಲಿ ನಿರ್ಮಾಣವಾಗುತ್ತಿರುವ ಪ್ರಜಾಸೌಧ ಕಟ್ಟಡ ಕಾಮಗಾರಿ ಸ್ಥಳಕ್ಕೆ ಭೇಟಿ ನೀಡಿ ಪರಿಶೀಲಿಸಿದರು. ಕಾಮಗಾರಿಯನ್ನು ಗುಣಮಟ್ಟದೊಂದಿಗೆ ನಿಗದಿತ ಅವಧಿಯಲ್ಲಿ ಪೂರ್ಣಗೊಳಿಸುವಂತೆ ಅಧಿಕಾರಿಗಳಿಗೆ ಸೂಚಿಸಿದರು.

ಬೀದರ,ಡಿ.೦೬- ಜಿಲ್ಲಾಧಿಕಾರಿಗಳು ನಗರದಲ್ಲಿ ನಿರ್ಮಾಣವಾಗುತ್ತಿರುವ ಪ್ರಜಾಸೌಧ ಕಟ್ಟಡ ಕಾಮಗಾರಿ ಸ್ಥಳಕ್ಕೆ ಭೇಟಿ ನೀಡಿ ಪರಿಶೀಲಿಸಿದರು. ಕಾಮಗಾರಿಯನ್ನು ಗುಣಮಟ್ಟದೊಂದಿಗೆ ನಿಗದಿತ ಅವಧಿಯಲ್ಲಿ ಪೂರ್ಣಗೊಳಿಸುವಂತೆ ಅಧಿಕಾರಿಗಳಿಗೆ ಸೂಚಿಸಿದರು.

ಮಹಿಳೆಯರ ರಕ್ಷಣೆಗಾಗಿ ದೂರು ನಿವಾರಣಾ ಸಮಿತಿ ರಚನೆ

ಬೀದರ,ಡಿ.೦೬- ಕೆಲಸದ ಸ್ಥಳದಲ್ಲಿ ಮಹಿಳೆಯರಿಗೆ ಸುರಕ್ಷಿತ ವಾತಾವರಣ ಕಲ್ಪಿಸುವ ಉದ್ದೇಶದಿಂದ ಆಂತರಿಕ ದೂರು ನಿವಾರಣಾ ಸಮಿತಿ ರಚಿಸಲಾಗಿದೆ. ಎಲ್ಲಾ ಸರ್ಕಾರಿ ಹಾಗೂ ಖಾಸಗಿ ಸಂಸ್ಥೆಗಳು ಕಡ್ಡಾಯವಾಗಿ ಸಮಿತಿ ರಚಿಸಬೇಕು. ಮಹಿಳೆಯರ ಮೇಲಿನ ದೌರ್ಜನ್ಯ ತಡೆಗೆ ಎಲ್ಲರೂ ಸಹಕರಿಸಬೇಕು ಎಂದು ಜಿಲ್ಲಾ ಮಹಿಳಾ ಮತ್ತು ಮಕ್ಕಳ ಅಭಿವೃದ್ಧಿ ಇಲಾಖೆಯ ಉಪನಿರ್ದೇಶಕರು ತಿಳಿಸಿದ್ದಾರೆ. ಹೆಚ್ಚಿನ ಮಾಹಿತಿಗಾಗಿ ಸಹಾಯವಾಣಿ ಸಂಪರ್ಕಿಸಬಹುದು.

ಸಮಿತಿಯು ದೂರುಗಳನ್ನು ಗೌಪ್ಯವಾಗಿ ಪರಿಶೀಲಿಸಿ ಕಾನೂನು ಪ್ರಕಾರ ಕ್ರಮ ಕೈಗೊಳ್ಳಲಿದೆ. ಸಂಸ್ಥೆಗಳು ಸಮಿತಿ ರಚನೆಯ ಮಾಹಿತಿಯನ್ನು ಕಚೇರಿಗೆ ಸಲ್ಲಿಸಬೇಕು.

ಬೀದರ,ಡಿ.೦೬- ಕೆಲಸದ ಸ್ಥಳದಲ್ಲಿ ಮಹಿಳೆಯರಿಗೆ ಸುರಕ್ಷಿತ ವಾತಾವರಣ ಕಲ್ಪಿಸುವ ಉದ್ದೇಶದಿಂದ ಆಂತರಿಕ ದೂರು ನಿವಾರಣಾ ಸಮಿತಿ ರಚಿಸಲಾಗಿದೆ. ಎಲ್ಲಾ ಸರ್ಕಾರಿ ಹಾಗೂ ಖಾಸಗಿ ಸಂಸ್ಥೆಗಳು ಕಡ್ಡಾಯವಾಗಿ ಸಮಿತಿ ರಚಿಸಬೇಕು. ಮಹಿಳೆಯರ ಮೇಲಿನ ದೌರ್ಜನ್ಯ ತಡೆಗೆ ಎಲ್ಲರೂ ಸಹಕರಿಸಬೇಕು ಎಂದು ಜಿಲ್ಲಾ ಮಹಿಳಾ ಮತ್ತು ಮಕ್ಕಳ ಅಭಿವೃದ್ಧಿ ಇಲಾಖೆಯ ಉಪನಿರ್ದೇಶಕರು ತಿಳಿಸಿದ್ದಾರೆ. ಹೆಚ್ಚಿನ ಮಾಹಿತಿಗಾಗಿ ಸಹಾಯವಾಣಿ ಸಂಪರ್ಕಿಸಬಹುದು.

ಸಮಿತಿಯು ದೂರುಗಳನ್ನು ಗೌಪ್ಯವಾಗಿ ಪರಿಶೀಲಿಸಿ ಕಾನೂನು ಪ್ರಕಾರ ಕ್ರಮ ಕೈಗೊಳ್ಳಲಿದೆ. ಸಂಸ್ಥೆಗಳು ಸಮಿತಿ ರಚನೆಯ ಮಾಹಿತಿಯನ್ನು ಕಚೇರಿಗೆ ಸಲ್ಲಿಸಬೇಕು.

ಬೀದರ,ಡಿ.೦೬- ಕೆಲಸದ ಸ್ಥಳದಲ್ಲಿ ಮಹಿಳೆಯರಿಗೆ ಸುರಕ್ಷಿತ ವಾತಾವರಣ ಕಲ್ಪಿಸುವ ಉದ್ದೇಶದಿಂದ ಆಂತರಿಕ ದೂರು ನಿವಾರಣಾ ಸಮಿತಿ ರಚಿಸಲಾಗಿದೆ. ಎಲ್ಲಾ ಸರ್ಕಾರಿ ಹಾಗೂ ಖಾಸಗಿ ಸಂಸ್ಥೆಗಳು ಕಡ್ಡಾಯವಾಗಿ ಸಮಿತಿ ರಚಿಸಬೇಕು. ಮಹಿಳೆಯರ ಮೇಲಿನ ದೌರ್ಜನ್ಯ ತಡೆಗೆ ಎಲ್ಲರೂ ಸಹಕರಿಸಬೇಕು ಎಂದು ಜಿಲ್ಲಾ ಮಹಿಳಾ ಮತ್ತು ಮಕ್ಕಳ ಅಭಿವೃದ್ಧಿ ಇಲಾಖೆಯ ಉಪನಿರ್ದೇಶಕರು ತಿಳಿಸಿದ್ದಾರೆ. ಹೆಚ್ಚಿನ ಮಾಹಿತಿಗಾಗಿ ಸಹಾಯವಾಣಿ ಸಂಪರ್ಕಿಸಬಹುದು.

ಡಿ.12 ರಂದು ಪಿಂಚಣಿ ಅದಾಲತ್

ಬೀದರ,ಡಿ.೦೬- ಪಿಂಚಣಿದಾರರ ಕುಂದುಕೊರತೆಗಳನ್ನು ಆಲಿಸಲು ಡಿ.12 ರಂದು ಪಿಂಚಣಿ ಅದಾಲತ್ ಆಯೋಜಿಸಲಾಗಿದೆ. ಪಿಂಚಣಿದಾರರು ತಮ್ಮ ಸಮಸ್ಯೆಗಳನ್ನು ಲಿಖಿತವಾಗಿ ಸಲ್ಲಿಸಬಹುದು. ಸಂಬಂಧಿಸಿದ ಅಧಿಕಾರಿಗಳು ಸ್ಥಳದಲ್ಲೇ ಪರಿಹಾರ ಒದಗಿಸಲಿದ್ದಾರೆ ಎಂದು ಪ್ರಕಟಣೆಯಲ್ಲಿ ತಿಳಿಸಲಾಗಿದೆ. ಎಲ್ಲಾ ಪಿಂಚಣಿದಾರರು ಇದರ ಸದುಪಯೋಗ ಪಡೆದುಕೊಳ್ಳಬೇಕು.

ಬೀದರ,ಡಿ.೦೬- ಪಿಂಚಣಿದಾರರ ಕುಂದುಕೊರತೆಗಳನ್ನು ಆಲಿಸಲು ಡಿ.12 ರಂದು ಪಿಂಚಣಿ ಅದಾಲತ್ ಆಯೋಜಿಸಲಾಗಿದೆ. ಪಿಂಚಣಿದಾರರು ತಮ್ಮ ಸಮಸ್ಯೆಗಳನ್ನು ಲಿಖಿತವಾಗಿ ಸಲ್ಲಿಸಬಹುದು. ಸಂಬಂಧಿಸಿದ ಅಧಿಕಾರಿಗಳು ಸ್ಥಳದಲ್ಲೇ ಪರಿಹಾರ ಒದಗಿಸಲಿದ್ದಾರೆ ಎಂದು ಪ್ರಕಟಣೆಯಲ್ಲಿ ತಿಳಿಸಲಾಗಿದೆ. ಎಲ್ಲಾ ಪಿಂಚಣಿದಾರರು ಇದರ ಸದುಪಯೋಗ ಪಡೆದುಕೊಳ್ಳಬೇಕು.
